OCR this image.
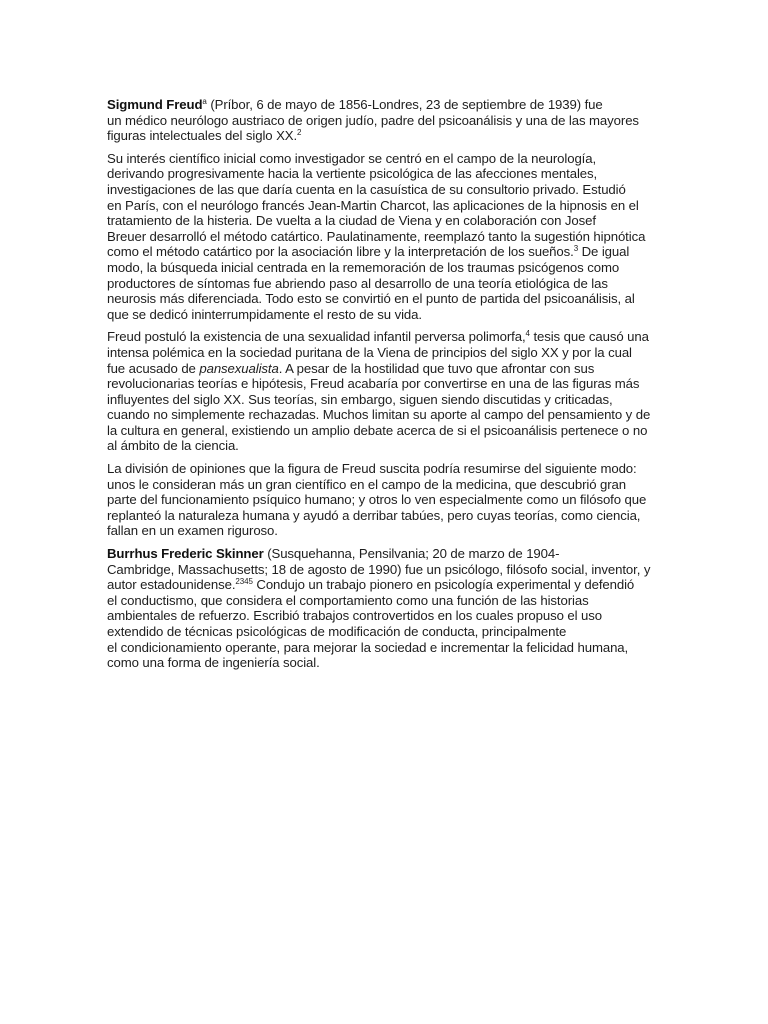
Sigmund Freud$^a$ (Príbor, 6 de mayo de 1856-Londres, 23 de septiembre de 1939) fue
un médico neurólogo austriaco de origen judío, padre del psicoanálisis y una de las mayores
figuras intelectuales del siglo XX.$^2$

Su interés científico inicial como investigador se centró en el campo de la neurología,
derivando progresivamente hacia la vertiente psicológica de las afecciones mentales,
investigaciones de las que daría cuenta en la casuística de su consultorio privado. Estudió
en París, con el neurólogo francés Jean-Martin Charcot, las aplicaciones de la hipnosis en el
tratamiento de la histeria. De vuelta a la ciudad de Viena y en colaboración con Josef
Breuer desarrolló el método catártico. Paulatinamente, reemplazó tanto la sugestión hipnótica
como el método catártico por la asociación libre y la interpretación de los sueños.$^3$ De igual
modo, la búsqueda inicial centrada en la rememoración de los traumas psicógenos como
productores de síntomas fue abriendo paso al desarrollo de una teoría etiológica de las
neurosis más diferenciada. Todo esto se convirtió en el punto de partida del psicoanálisis, al
que se dedicó ininterrumpidamente el resto de su vida.

Freud postuló la existencia de una sexualidad infantil perversa polimorfa,$^4$ tesis que causó una
intensa polémica en la sociedad puritana de la Viena de principios del siglo XX y por la cual
fue acusado de pansexualista. A pesar de la hostilidad que tuvo que afrontar con sus
revolucionarias teorías e hipótesis, Freud acabaría por convertirse en una de las figuras más
influyentes del siglo XX. Sus teorías, sin embargo, siguen siendo discutidas y criticadas,
cuando no simplemente rechazadas. Muchos limitan su aporte al campo del pensamiento y de
la cultura en general, existiendo un amplio debate acerca de si el psicoanálisis pertenece o no
al ámbito de la ciencia.

La división de opiniones que la figura de Freud suscita podría resumirse del siguiente modo:
unos le consideran más un gran científico en el campo de la medicina, que descubrió gran
parte del funcionamiento psíquico humano; y otros lo ven especialmente como un filósofo que
replanteó la naturaleza humana y ayudó a derribar tabúes, pero cuyas teorías, como ciencia,
fallan en un examen riguroso.

Burrhus Frederic Skinner (Susquehanna, Pensilvania; 20 de marzo de 1904-
Cambridge, Massachusetts; 18 de agosto de 1990) fue un psicólogo, filósofo social, inventor, y
autor estadounidense.$^{2345}$ Condujo un trabajo pionero en psicología experimental y defendió
el conductismo, que considera el comportamiento como una función de las historias
ambientales de refuerzo. Escribió trabajos controvertidos en los cuales propuso el uso
extendido de técnicas psicológicas de modificación de conducta, principalmente
el condicionamiento operante, para mejorar la sociedad e incrementar la felicidad humana,
como una forma de ingeniería social.
